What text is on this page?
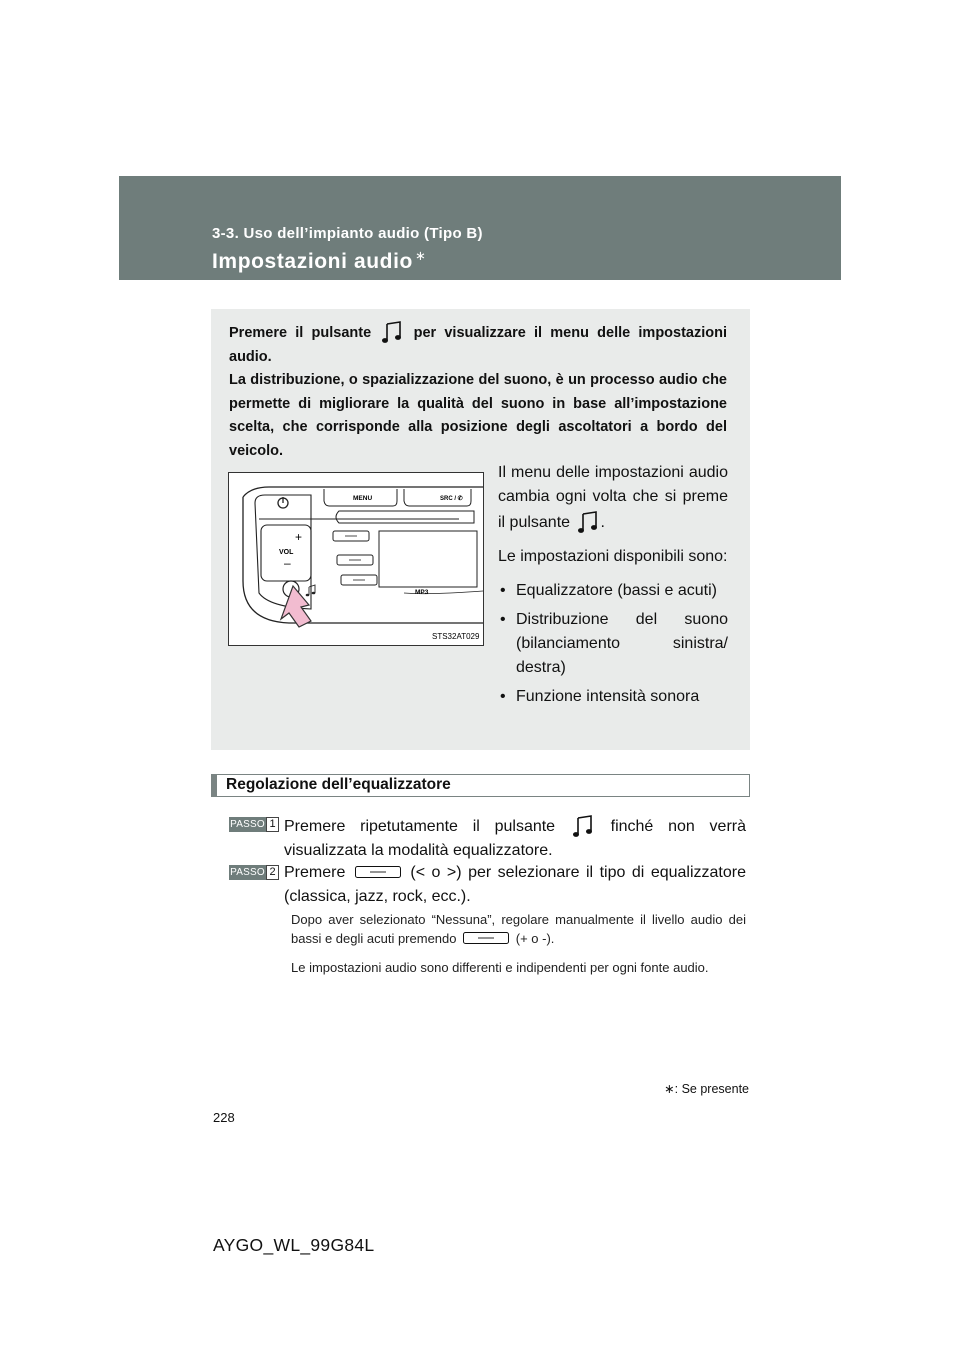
3-3. Uso dell’impianto audio (Tipo B)
Impostazioni audio ∗
Premere il pulsante	per visualizzare il menu delle impostazioni audio.
La distribuzione, o spazializzazione del suono, è un processo audio che permette di migliorare la qualità del suono in base all’impostazione scelta, che corrisponde alla posizione degli ascoltatori a bordo del veicolo.
+
VOL
–
MENU	SRC / ✆
MP3
STS32AT029

Il menu delle impostazioni audio cambia ogni volta che si preme il pulsante .

Le impostazioni disponibili sono:

• Equalizzatore (bassi e acuti)
• Distribuzione del suono (bilanciamento sinistra/ destra)
• Funzione intensità sonora
Regolazione dell’equalizzatore
PASSO 1 Premere ripetutamente il pulsante	finché non verrà visualizzata la modalità equalizzatore.
PASSO 2 Premere	(< o >) per selezionare il tipo di equalizzatore (classica, jazz, rock, ecc.).
Dopo aver selezionato “Nessuna”, regolare manualmente il livello audio dei bassi e degli acuti premendo	(+ o -).
Le impostazioni audio sono differenti e indipendenti per ogni fonte audio.
∗: Se presente
228
AYGO_WL_99G84L
